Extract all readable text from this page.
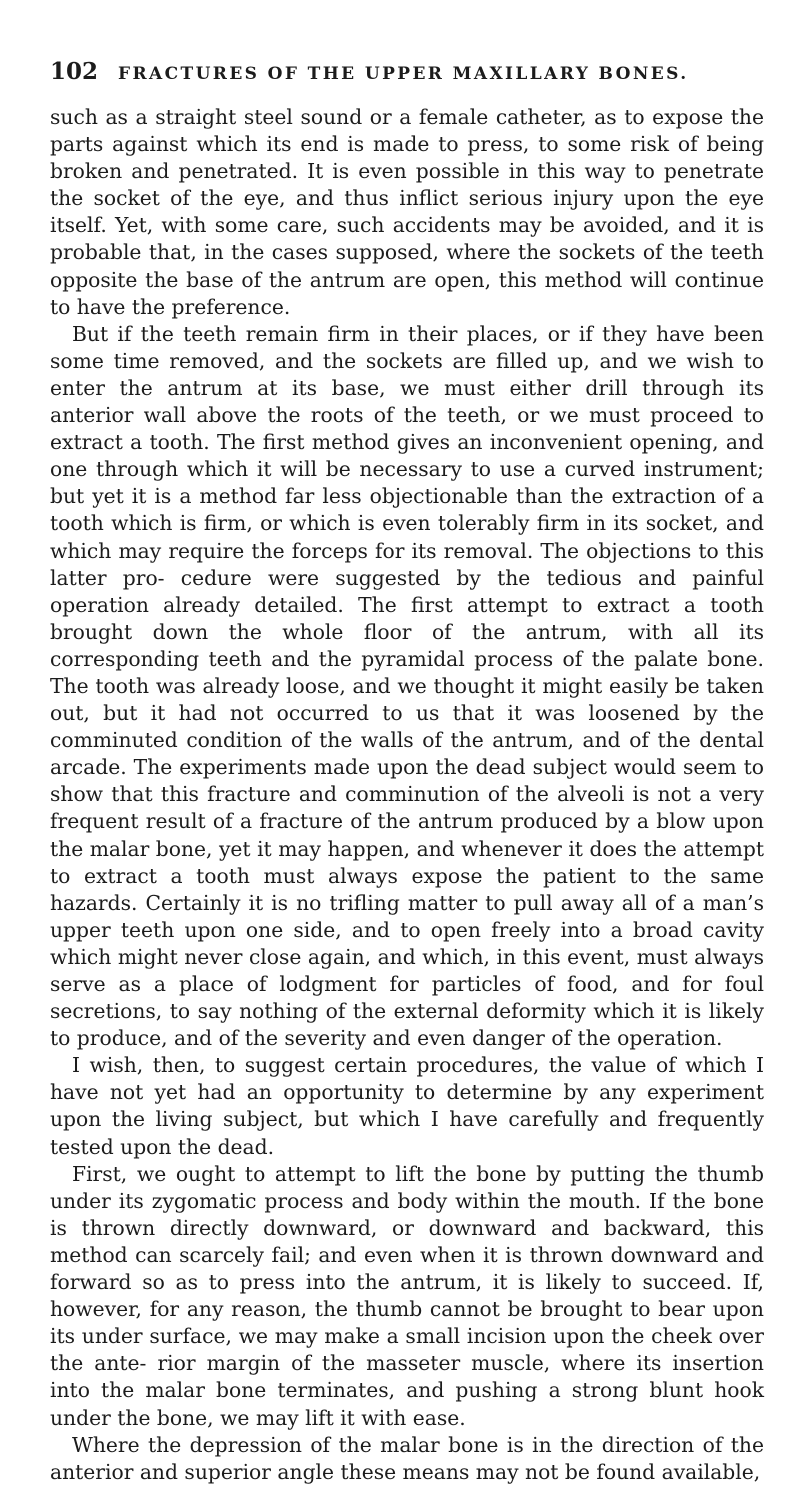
102	FRACTURES OF THE UPPER MAXILLARY BONES.

such as a straight steel sound or a female catheter, as to expose the parts against which its end is made to press, to some risk of being broken and penetrated. It is even possible in this way to penetrate the socket of the eye, and thus inflict serious injury upon the eye itself. Yet, with some care, such accidents may be avoided, and it is probable that, in the cases supposed, where the sockets of the teeth opposite the base of the antrum are open, this method will continue to have the preference.

But if the teeth remain firm in their places, or if they have been some time removed, and the sockets are filled up, and we wish to enter the antrum at its base, we must either drill through its anterior wall above the roots of the teeth, or we must proceed to extract a tooth. The first method gives an inconvenient opening, and one through which it will be necessary to use a curved instrument; but yet it is a method far less objectionable than the extraction of a tooth which is firm, or which is even tolerably firm in its socket, and which may require the forceps for its removal. The objections to this latter pro- cedure were suggested by the tedious and painful operation already detailed. The first attempt to extract a tooth brought down the whole floor of the antrum, with all its corresponding teeth and the pyramidal process of the palate bone. The tooth was already loose, and we thought it might easily be taken out, but it had not occurred to us that it was loosened by the comminuted condition of the walls of the antrum, and of the dental arcade. The experiments made upon the dead subject would seem to show that this fracture and comminution of the alveoli is not a very frequent result of a fracture of the antrum produced by a blow upon the malar bone, yet it may happen, and whenever it does the attempt to extract a tooth must always expose the patient to the same hazards. Certainly it is no trifling matter to pull away all of a man’s upper teeth upon one side, and to open freely into a broad cavity which might never close again, and which, in this event, must always serve as a place of lodgment for particles of food, and for foul secretions, to say nothing of the external deformity which it is likely to produce, and of the severity and even danger of the operation.

I wish, then, to suggest certain procedures, the value of which I have not yet had an opportunity to determine by any experiment upon the living subject, but which I have carefully and frequently tested upon the dead.

First, we ought to attempt to lift the bone by putting the thumb under its zygomatic process and body within the mouth. If the bone is thrown directly downward, or downward and backward, this method can scarcely fail; and even when it is thrown downward and forward so as to press into the antrum, it is likely to succeed. If, however, for any reason, the thumb cannot be brought to bear upon its under surface, we may make a small incision upon the cheek over the ante- rior margin of the masseter muscle, where its insertion into the malar bone terminates, and pushing a strong blunt hook under the bone, we may lift it with ease.

Where the depression of the malar bone is in the direction of the anterior and superior angle these means may not be found available,
